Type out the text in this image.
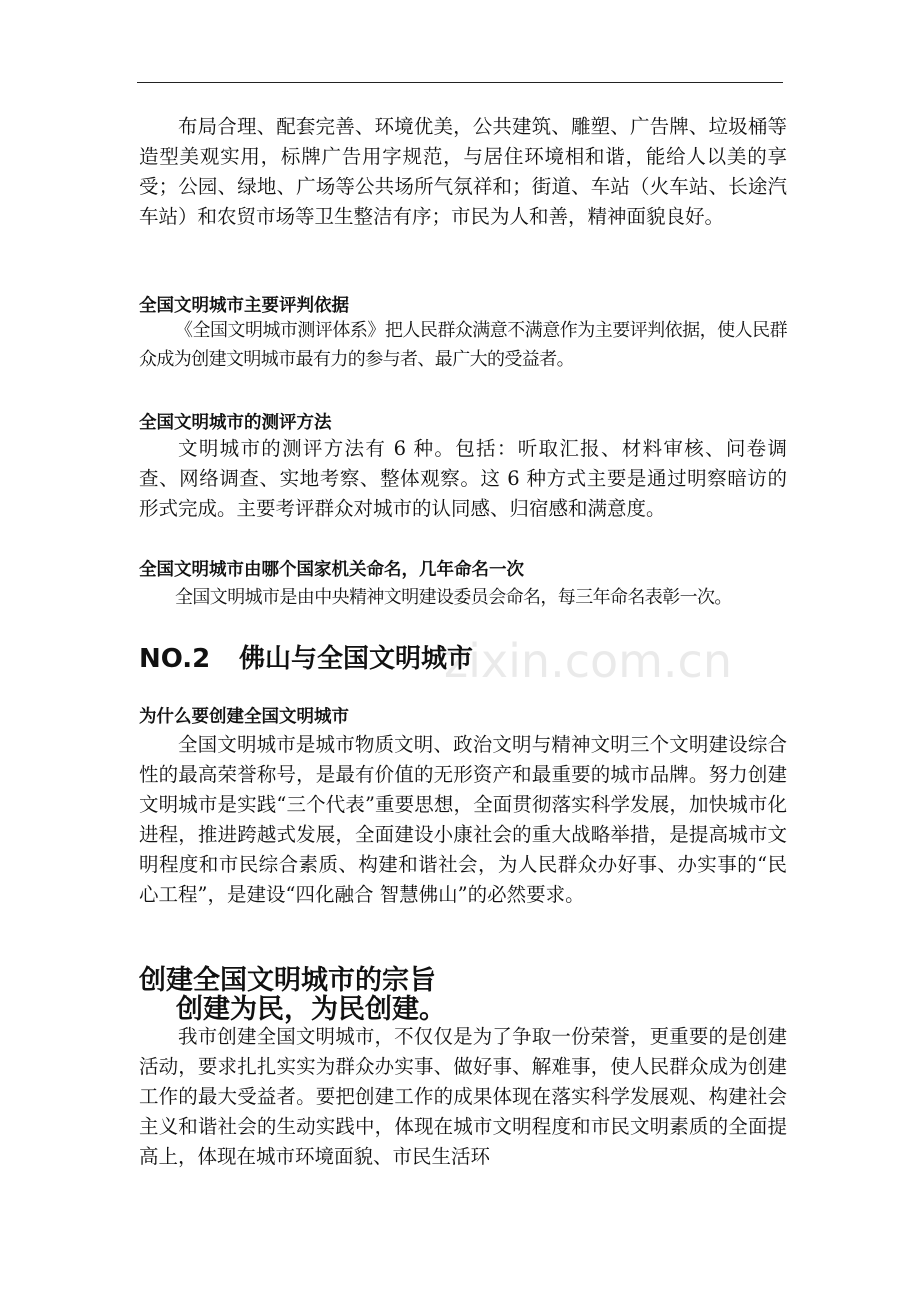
布局合理、配套完善、环境优美，公共建筑、雕塑、广告牌、垃圾桶等造型美观实用，标牌广告用字规范，与居住环境相和谐，能给人以美的享受；公园、绿地、广场等公共场所气氛祥和；街道、车站（火车站、长途汽车站）和农贸市场等卫生整洁有序；市民为人和善，精神面貌良好。

全国文明城市主要评判依据

《全国文明城市测评体系》把人民群众满意不满意作为主要评判依据，使人民群众成为创建文明城市最有力的参与者、最广大的受益者。

全国文明城市的测评方法

文明城市的测评方法有 6 种。包括：听取汇报、材料审核、问卷调查、网络调查、实地考察、整体观察。这 6 种方式主要是通过明察暗访的形式完成。主要考评群众对城市的认同感、归宿感和满意度。

全国文明城市由哪个国家机关命名，几年命名一次

全国文明城市是由中央精神文明建设委员会命名，每三年命名表彰一次。

zixin.com.cn
NO.2 佛山与全国文明城市
为什么要创建全国文明城市

全国文明城市是城市物质文明、政治文明与精神文明三个文明建设综合性的最高荣誉称号，是最有价值的无形资产和最重要的城市品牌。努力创建文明城市是实践“三个代表”重要思想，全面贯彻落实科学发展，加快城市化进程，推进跨越式发展，全面建设小康社会的重大战略举措，是提高城市文明程度和市民综合素质、构建和谐社会，为人民群众办好事、办实事的“民心工程”，是建设“四化融合 智慧佛山”的必然要求。

创建全国文明城市的宗旨
创建为民，为民创建。

我市创建全国文明城市，不仅仅是为了争取一份荣誉，更重要的是创建活动，要求扎扎实实为群众办实事、做好事、解难事，使人民群众成为创建工作的最大受益者。要把创建工作的成果体现在落实科学发展观、构建社会主义和谐社会的生动实践中，体现在城市文明程度和市民文明素质的全面提高上，体现在城市环境面貌、市民生活环
